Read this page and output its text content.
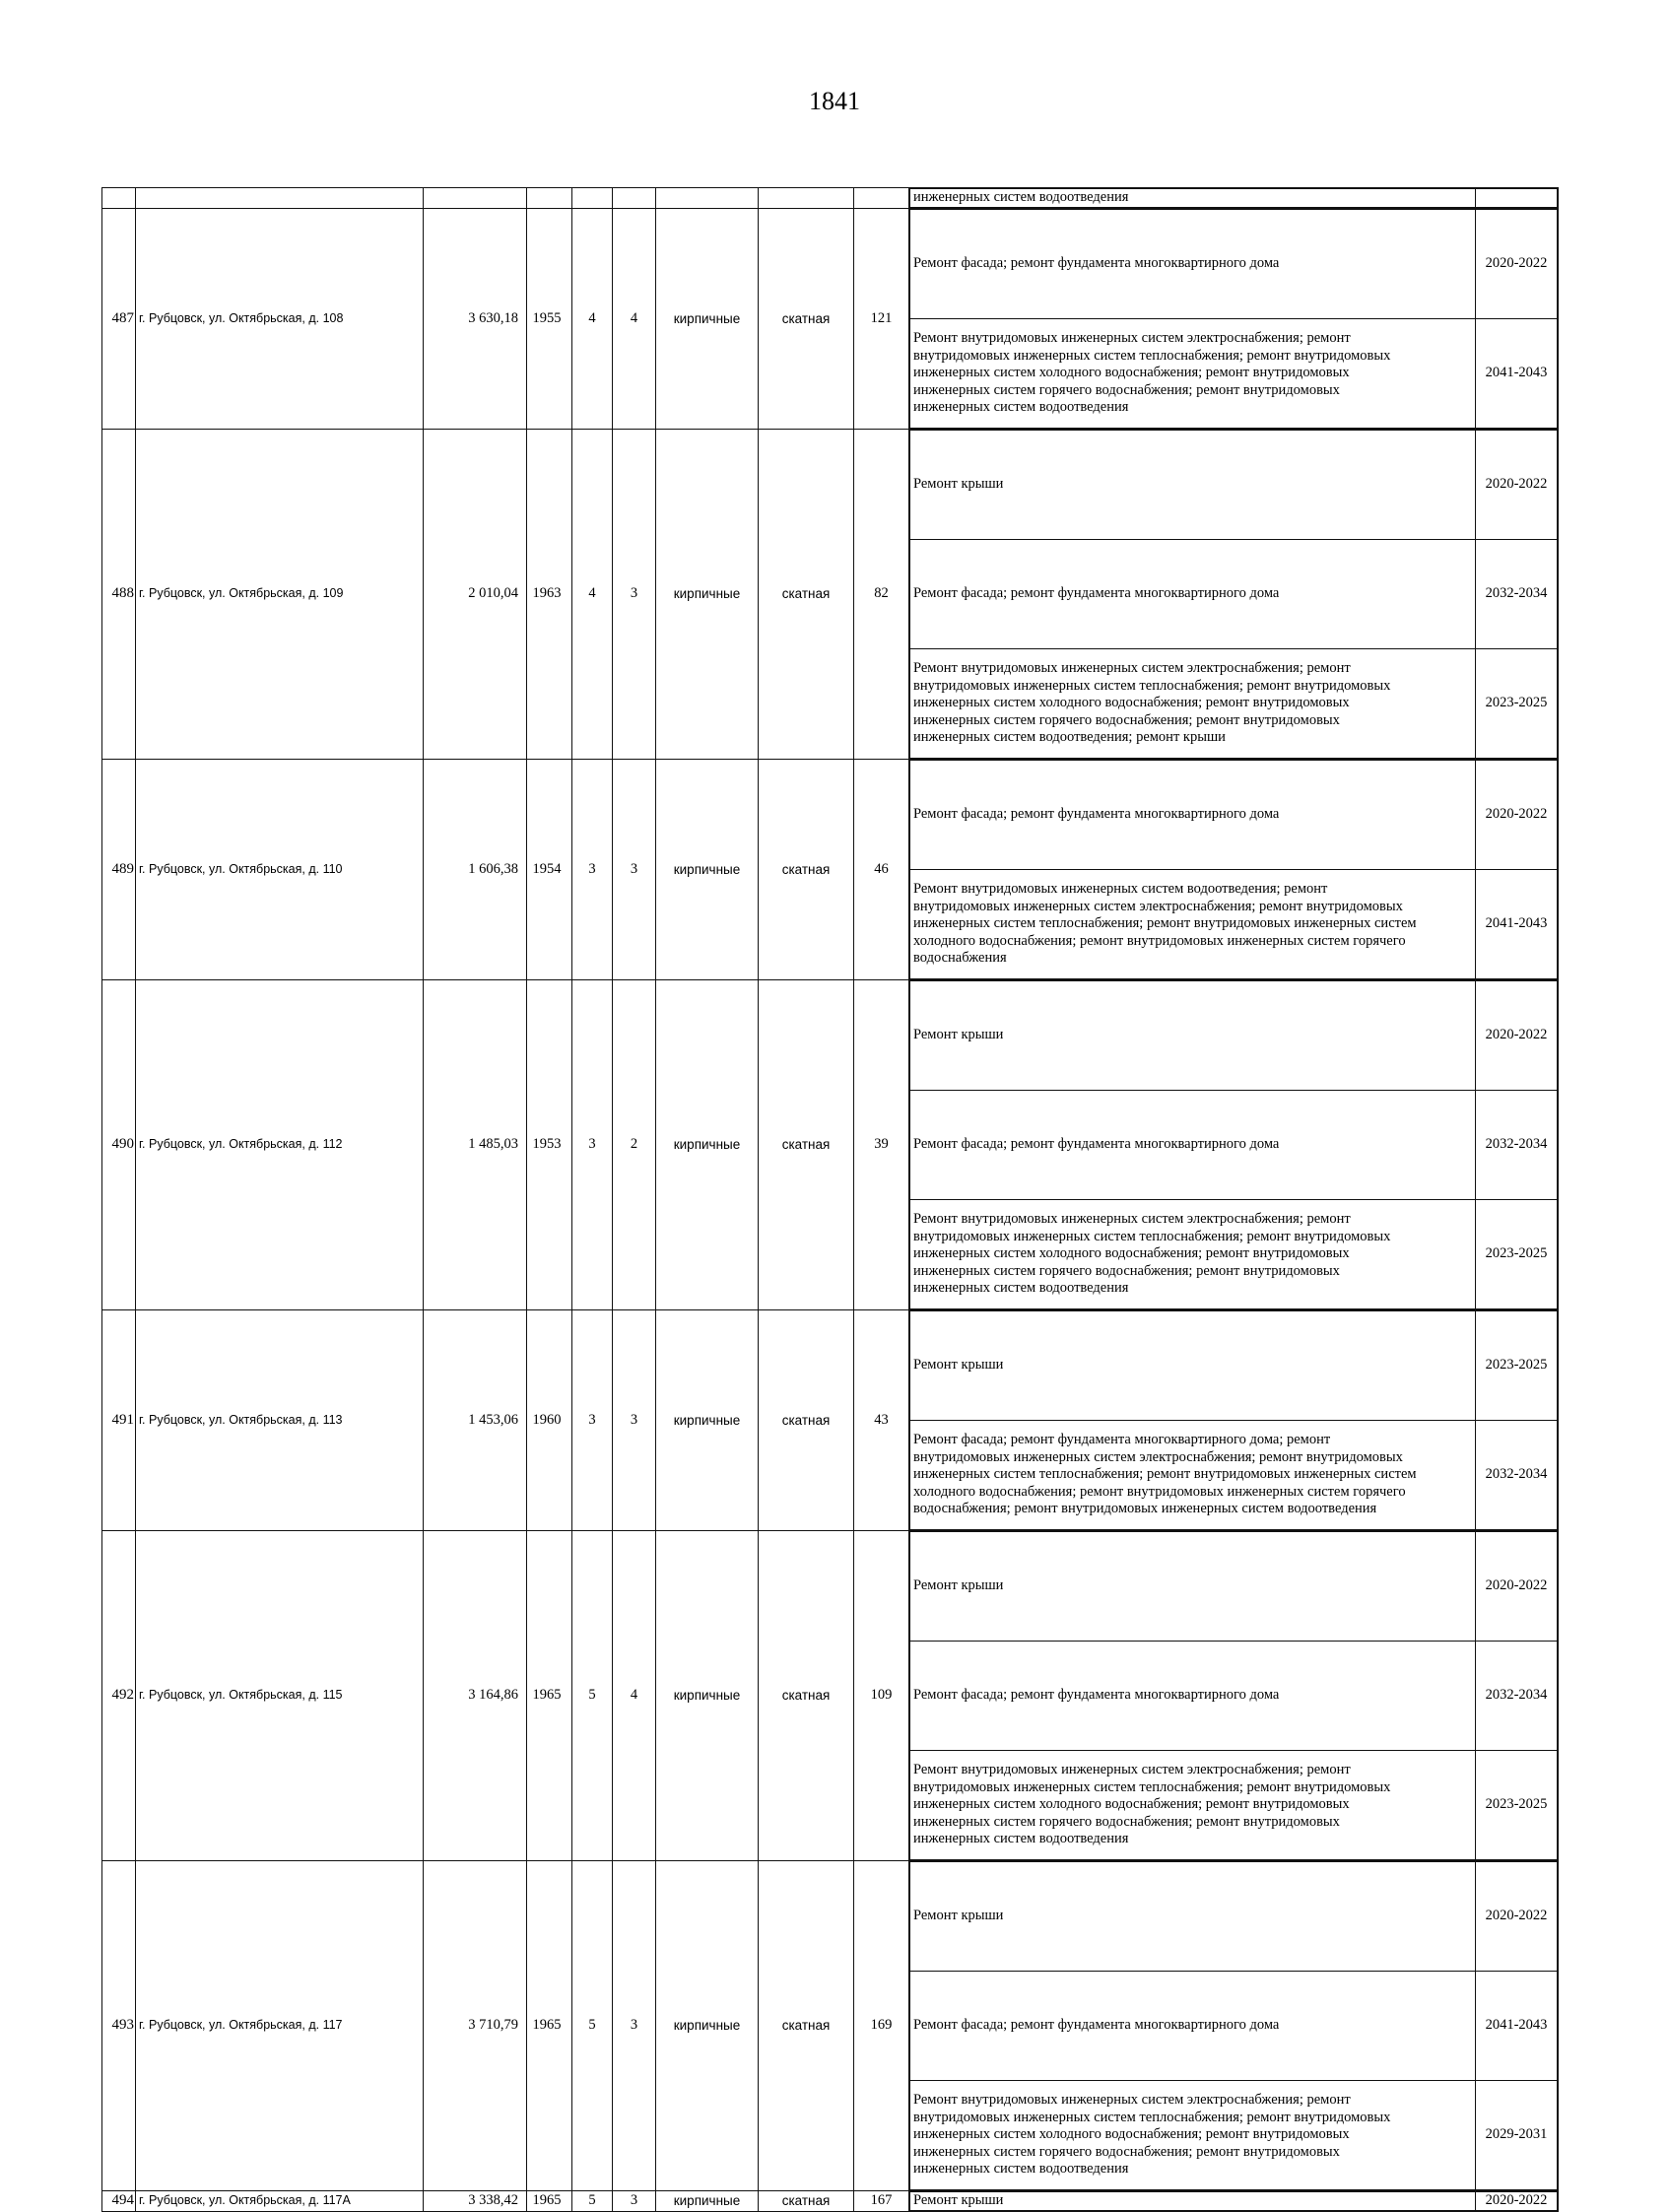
1841

инженерных систем водоотведения	

487	г. Рубцовск, ул. Октябрьская, д. 108	3 630,18	1955	4	4	кирпичные	скатная	121	
Ремонт фасада; ремонт фундамента многоквартирного дома	2020-2022
Ремонт внутридомовых инженерных систем электроснабжения; ремонт
внутридомовых инженерных систем теплоснабжения; ремонт внутридомовых
инженерных систем холодного водоснабжения; ремонт внутридомовых
инженерных систем горячего водоснабжения; ремонт внутридомовых
инженерных систем водоотведения	2041-2043

488	г. Рубцовск, ул. Октябрьская, д. 109	2 010,04	1963	4	3	кирпичные	скатная	82	
Ремонт крыши	2020-2022
Ремонт фасада; ремонт фундамента многоквартирного дома	2032-2034
Ремонт внутридомовых инженерных систем электроснабжения; ремонт
внутридомовых инженерных систем теплоснабжения; ремонт внутридомовых
инженерных систем холодного водоснабжения; ремонт внутридомовых
инженерных систем горячего водоснабжения; ремонт внутридомовых
инженерных систем водоотведения; ремонт крыши	2023-2025

489	г. Рубцовск, ул. Октябрьская, д. 110	1 606,38	1954	3	3	кирпичные	скатная	46	
Ремонт фасада; ремонт фундамента многоквартирного дома	2020-2022
Ремонт внутридомовых инженерных систем водоотведения; ремонт
внутридомовых инженерных систем электроснабжения; ремонт внутридомовых
инженерных систем теплоснабжения; ремонт внутридомовых инженерных систем
холодного водоснабжения; ремонт внутридомовых инженерных систем горячего
водоснабжения	2041-2043

490	г. Рубцовск, ул. Октябрьская, д. 112	1 485,03	1953	3	2	кирпичные	скатная	39	
Ремонт крыши	2020-2022
Ремонт фасада; ремонт фундамента многоквартирного дома	2032-2034
Ремонт внутридомовых инженерных систем электроснабжения; ремонт
внутридомовых инженерных систем теплоснабжения; ремонт внутридомовых
инженерных систем холодного водоснабжения; ремонт внутридомовых
инженерных систем горячего водоснабжения; ремонт внутридомовых
инженерных систем водоотведения	2023-2025

491	г. Рубцовск, ул. Октябрьская, д. 113	1 453,06	1960	3	3	кирпичные	скатная	43	
Ремонт крыши	2023-2025
Ремонт фасада; ремонт фундамента многоквартирного дома; ремонт
внутридомовых инженерных систем электроснабжения; ремонт внутридомовых
инженерных систем теплоснабжения; ремонт внутридомовых инженерных систем
холодного водоснабжения; ремонт внутридомовых инженерных систем горячего
водоснабжения; ремонт внутридомовых инженерных систем водоотведения	2032-2034

492	г. Рубцовск, ул. Октябрьская, д. 115	3 164,86	1965	5	4	кирпичные	скатная	109	
Ремонт крыши	2020-2022
Ремонт фасада; ремонт фундамента многоквартирного дома	2032-2034
Ремонт внутридомовых инженерных систем электроснабжения; ремонт
внутридомовых инженерных систем теплоснабжения; ремонт внутридомовых
инженерных систем холодного водоснабжения; ремонт внутридомовых
инженерных систем горячего водоснабжения; ремонт внутридомовых
инженерных систем водоотведения	2023-2025

493	г. Рубцовск, ул. Октябрьская, д. 117	3 710,79	1965	5	3	кирпичные	скатная	169	
Ремонт крыши	2020-2022
Ремонт фасада; ремонт фундамента многоквартирного дома	2041-2043
Ремонт внутридомовых инженерных систем электроснабжения; ремонт
внутридомовых инженерных систем теплоснабжения; ремонт внутридомовых
инженерных систем холодного водоснабжения; ремонт внутридомовых
инженерных систем горячего водоснабжения; ремонт внутридомовых
инженерных систем водоотведения	2029-2031

494	г. Рубцовск, ул. Октябрьская, д. 117А	3 338,42	1965	5	3	кирпичные	скатная	167	Ремонт крыши	2020-2022
